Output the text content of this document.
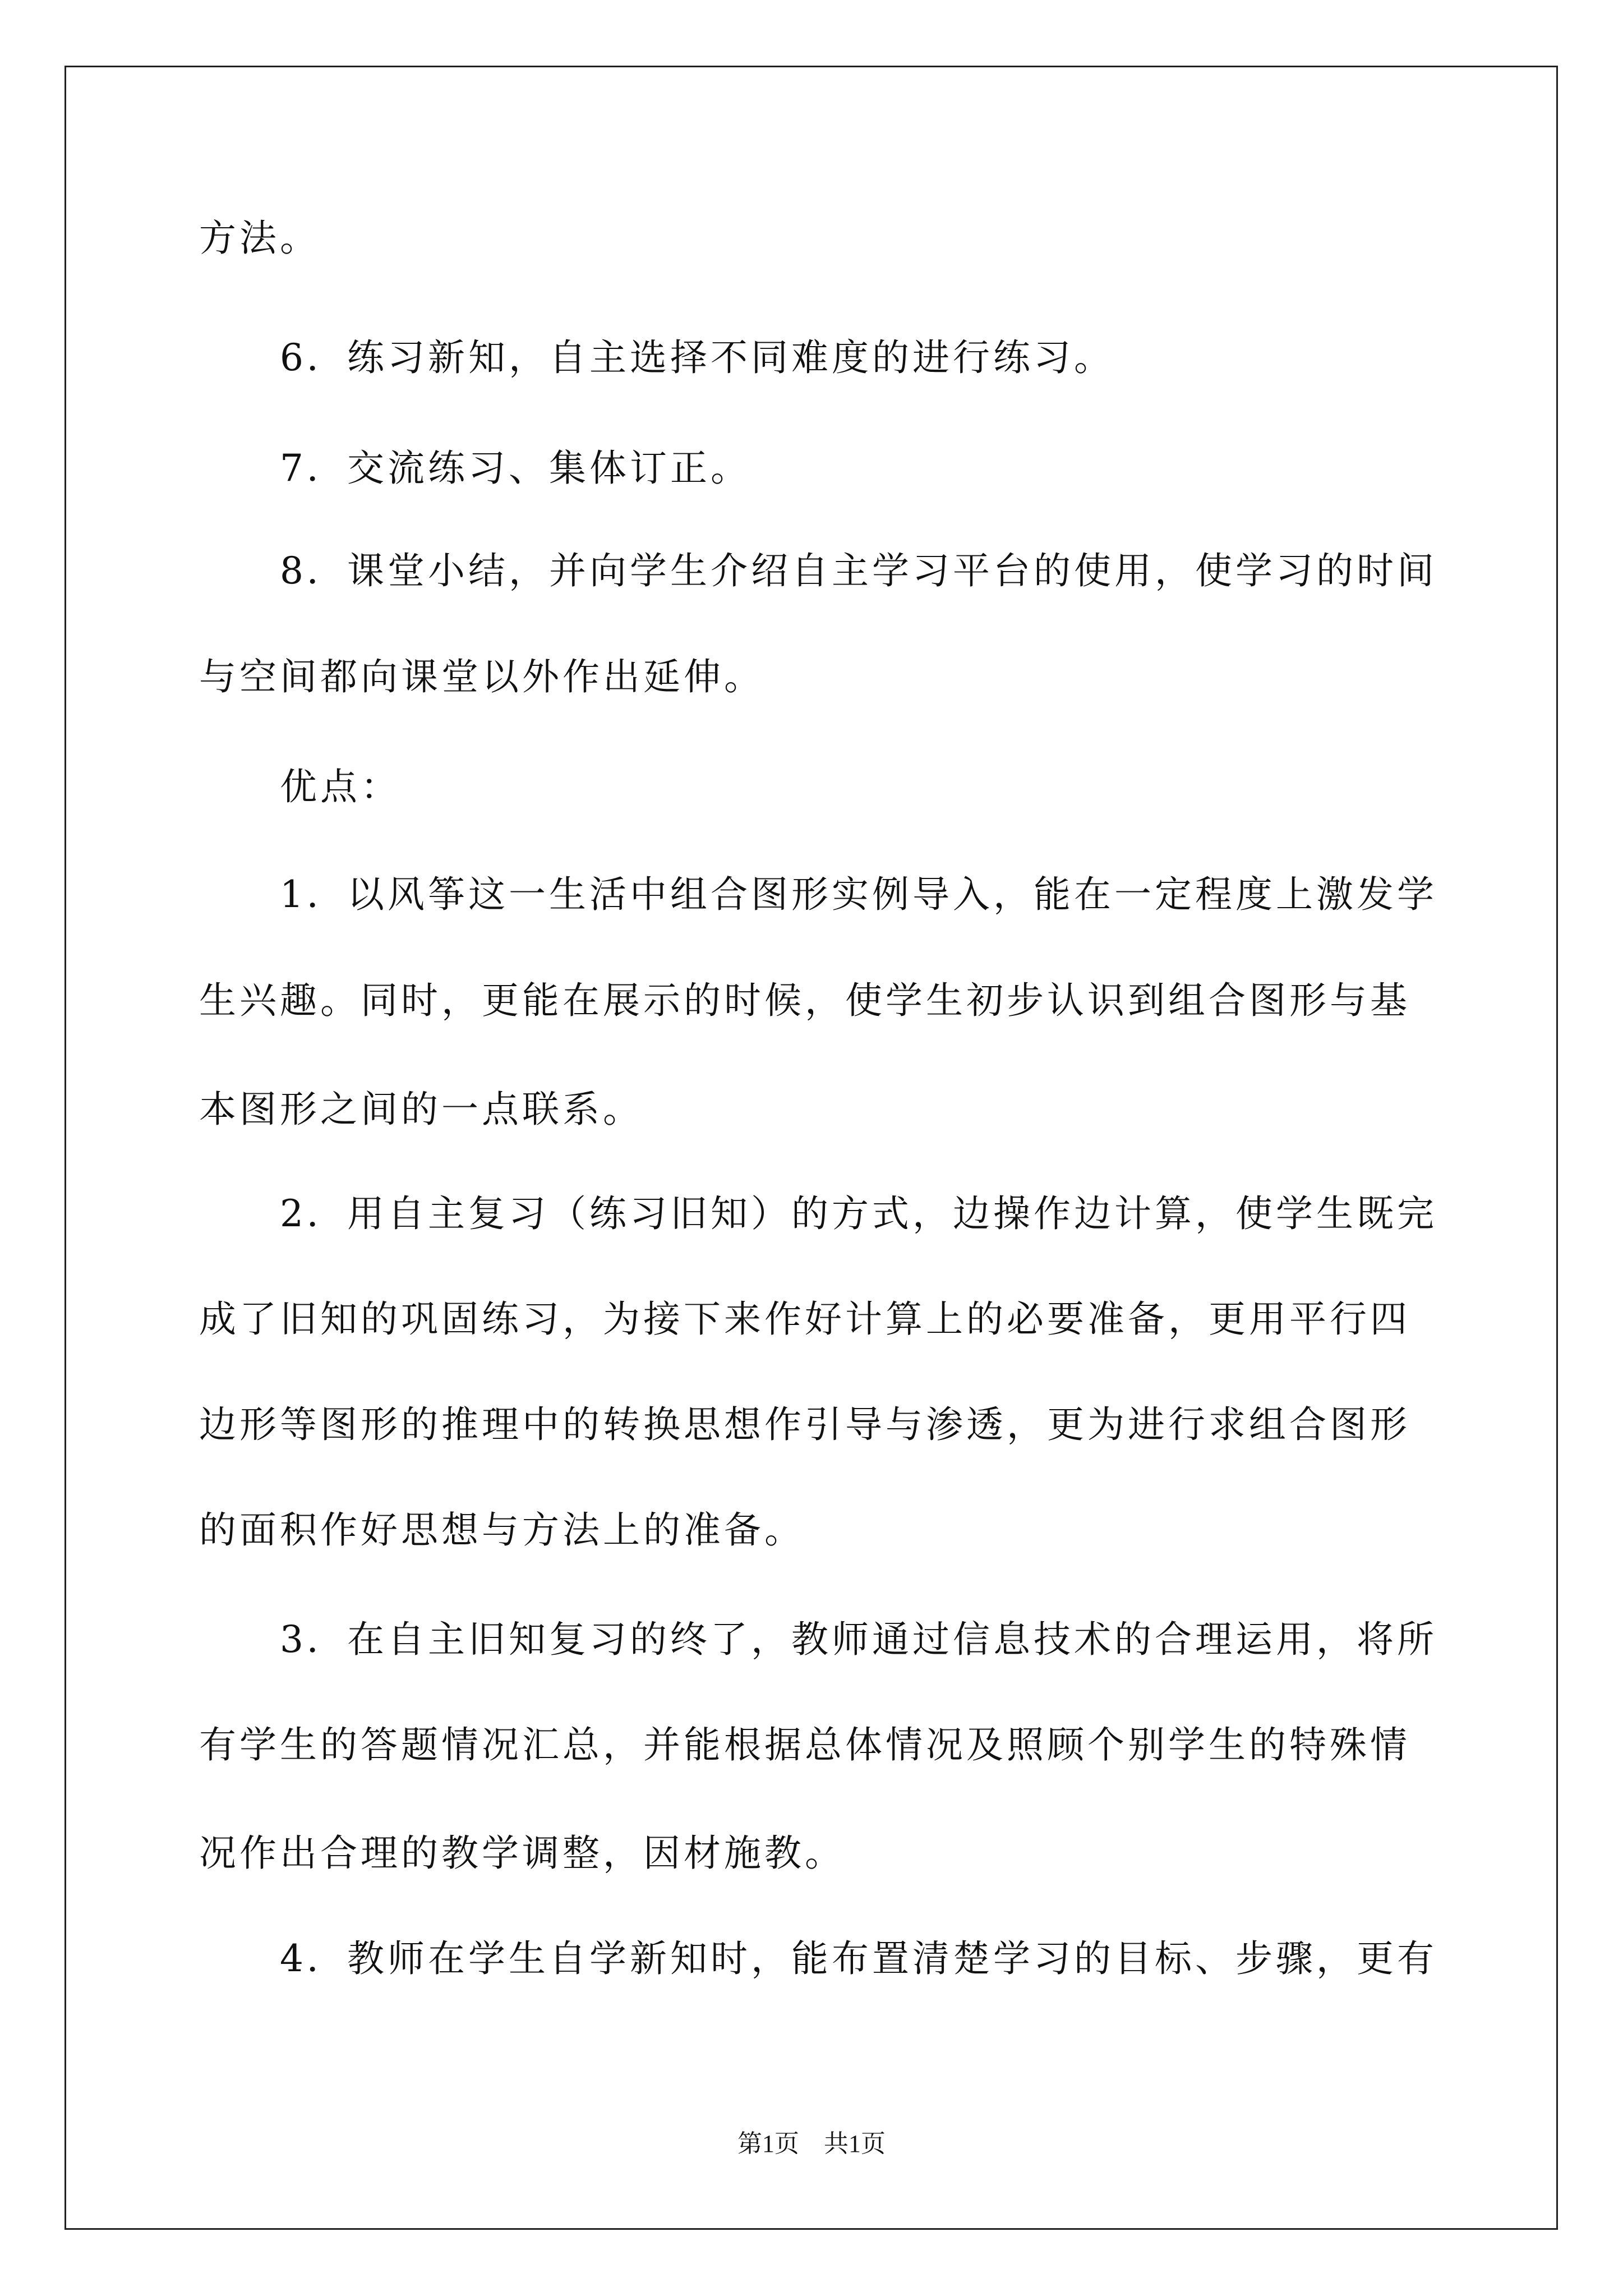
方法。
　　6．练习新知，自主选择不同难度的进行练习。
　　7．交流练习、集体订正。
　　8．课堂小结，并向学生介绍自主学习平台的使用，使学习的时间
与空间都向课堂以外作出延伸。
　　优点：
　　1．以风筝这一生活中组合图形实例导入，能在一定程度上激发学
生兴趣。同时，更能在展示的时候，使学生初步认识到组合图形与基
本图形之间的一点联系。
　　2．用自主复习（练习旧知）的方式，边操作边计算，使学生既完
成了旧知的巩固练习，为接下来作好计算上的必要准备，更用平行四
边形等图形的推理中的转换思想作引导与渗透，更为进行求组合图形
的面积作好思想与方法上的准备。
　　3．在自主旧知复习的终了，教师通过信息技术的合理运用，将所
有学生的答题情况汇总，并能根据总体情况及照顾个别学生的特殊情
况作出合理的教学调整，因材施教。
　　4．教师在学生自学新知时，能布置清楚学习的目标、步骤，更有
第1页　共1页
